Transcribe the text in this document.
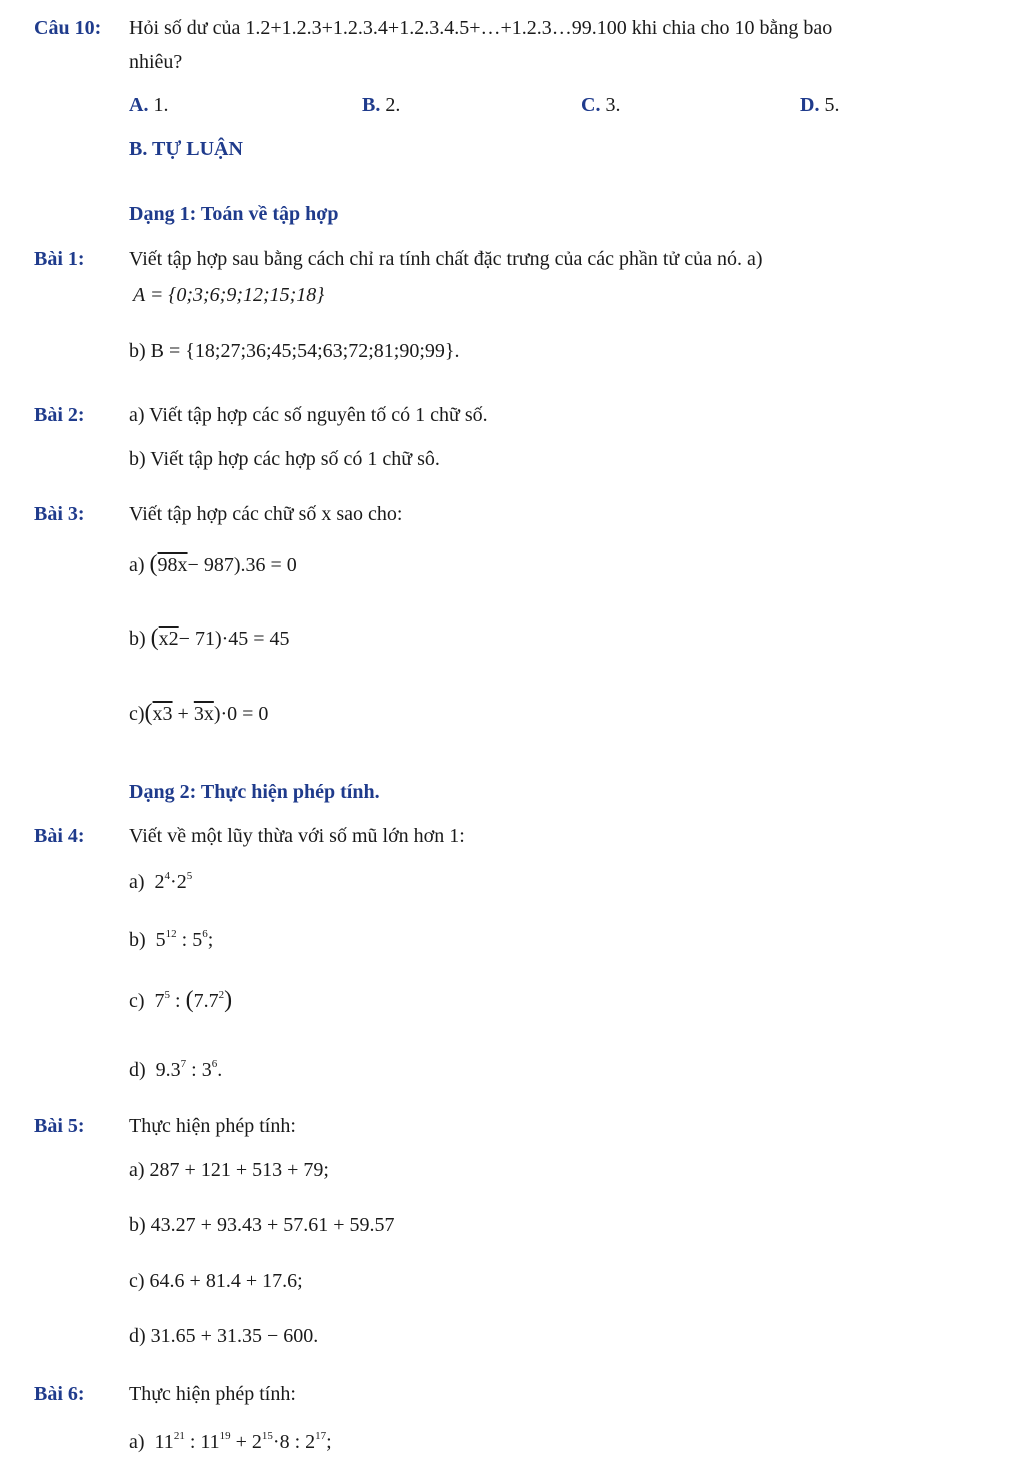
Câu 10: Hỏi số dư của 1.2+1.2.3+1.2.3.4+1.2.3.4.5+…+1.2.3…99.100 khi chia cho 10 bằng bao
nhiêu?
A. 1.	B. 2.	C. 3.	D. 5.
B. TỰ LUẬN
Dạng 1: Toán về tập hợp
Bài 1: Viết tập hợp sau bằng cách chỉ ra tính chất đặc trưng của các phần tử của nó. a)
A = {0;3;6;9;12;15;18}
b) B = {18;27;36;45;54;63;72;81;90;99}.
Bài 2: a) Viết tập hợp các số nguyên tố có 1 chữ số.
b) Viết tập hợp các hợp số có 1 chữ sô.
Bài 3: Viết tập hợp các chữ số x sao cho:
a) (98x− 987).36 = 0
b) (x2− 71)·45 = 45
c)(x3 + 3x)·0 = 0
Dạng 2: Thực hiện phép tính.
Bài 4: Viết về một lũy thừa với số mũ lớn hơn 1:
a)  $2^4\cdot 2^5$
b)  $5^{12}$ : $5^6$;
c)  $7^5$ : $(7.7^2)$
d)  $9.3^7$ : $3^6$.
Bài 5: Thực hiện phép tính:
a) 287 + 121 + 513 + 79;
b) 43.27 + 93.43 + 57.61 + 59.57
c) 64.6 + 81.4 + 17.6;
d) 31.65 + 31.35 − 600.
Bài 6: Thực hiện phép tính:
a)  $11^{21}$ : $11^{19} + 2^{15}\cdot 8$ : $2^{17}$;
